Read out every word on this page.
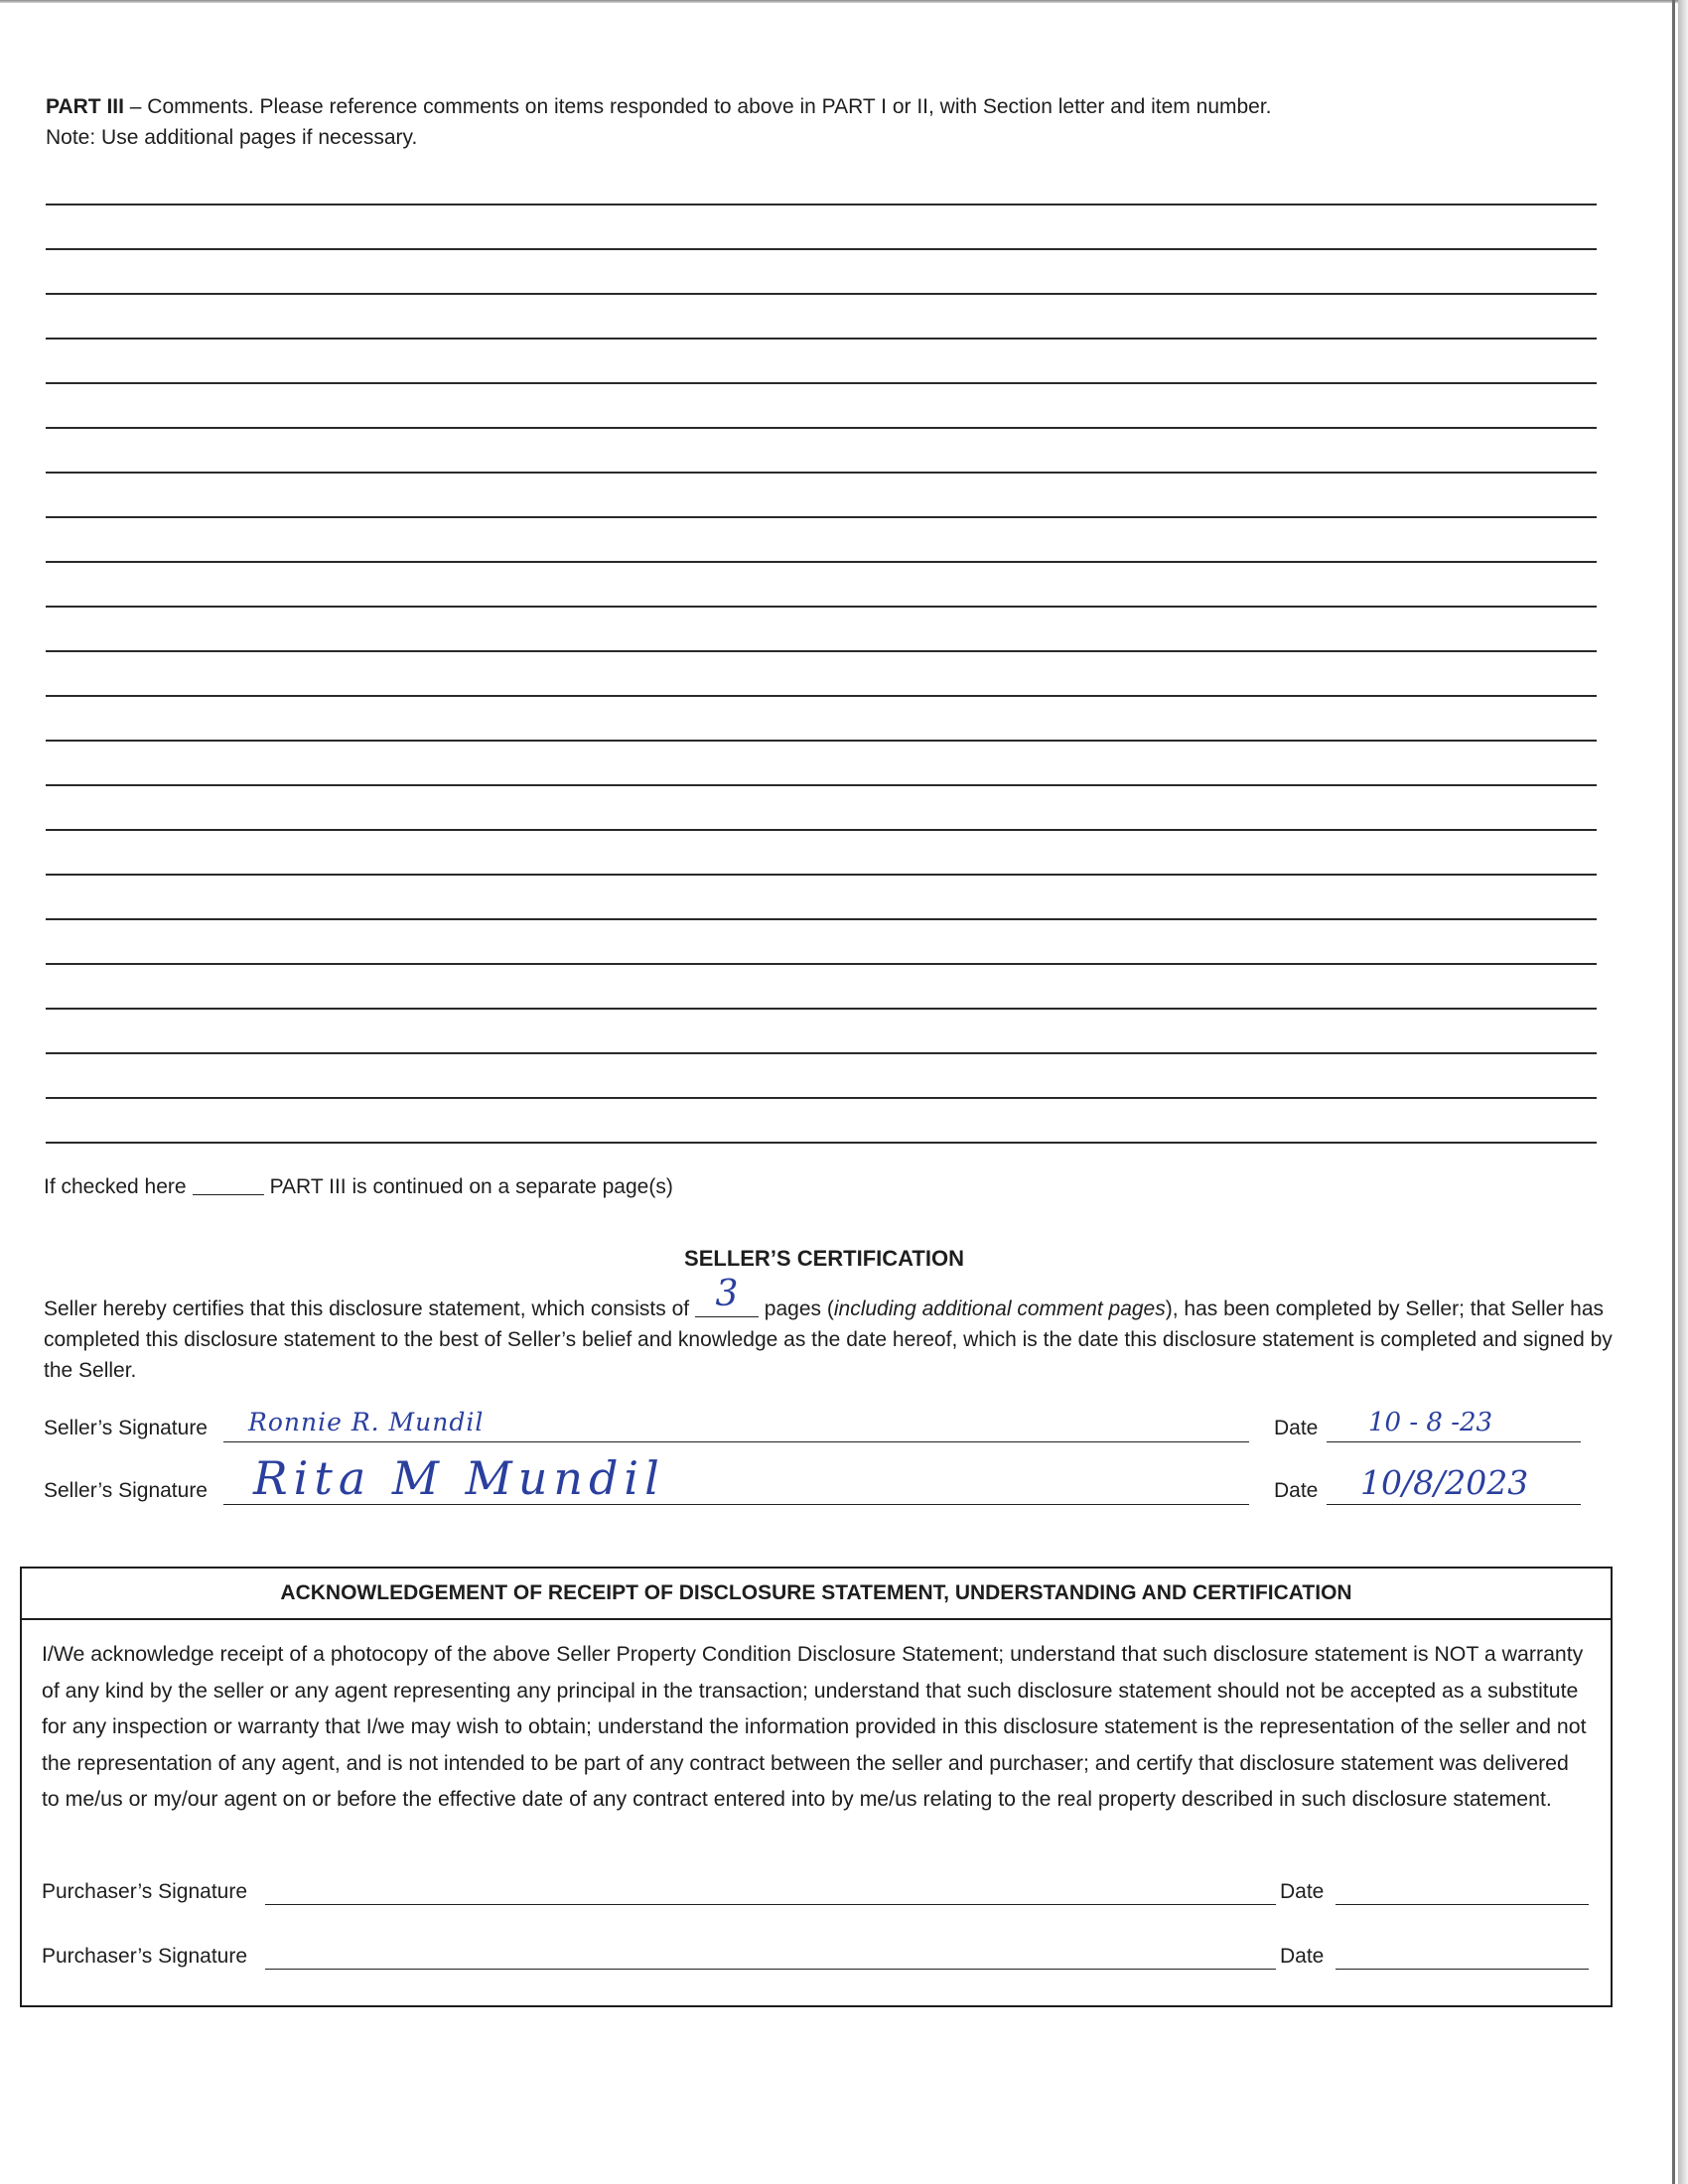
PART III – Comments. Please reference comments on items responded to above in PART I or II, with Section letter and item number.
Note: Use additional pages if necessary.
If checked here	PART III is continued on a separate page(s)
SELLER’S CERTIFICATION
Seller hereby certifies that this disclosure statement, which consists of 3 pages (including additional comment pages), has been completed by Seller; that Seller has completed this disclosure statement to the best of Seller’s belief and knowledge as the date hereof, which is the date this disclosure statement is completed and signed by the Seller.
Seller’s Signature Ronnie R. Mundil	Date 10 - 8 -23
Seller’s Signature Rita M Mundil	Date 10/8/2023
ACKNOWLEDGEMENT OF RECEIPT OF DISCLOSURE STATEMENT, UNDERSTANDING AND CERTIFICATION
I/We acknowledge receipt of a photocopy of the above Seller Property Condition Disclosure Statement; understand that such disclosure statement is NOT a warranty of any kind by the seller or any agent representing any principal in the transaction; understand that such disclosure statement should not be accepted as a substitute for any inspection or warranty that I/we may wish to obtain; understand the information provided in this disclosure statement is the representation of the seller and not the representation of any agent, and is not intended to be part of any contract between the seller and purchaser; and certify that disclosure statement was delivered to me/us or my/our agent on or before the effective date of any contract entered into by me/us relating to the real property described in such disclosure statement.
Purchaser’s Signature	Date
Purchaser’s Signature	Date
